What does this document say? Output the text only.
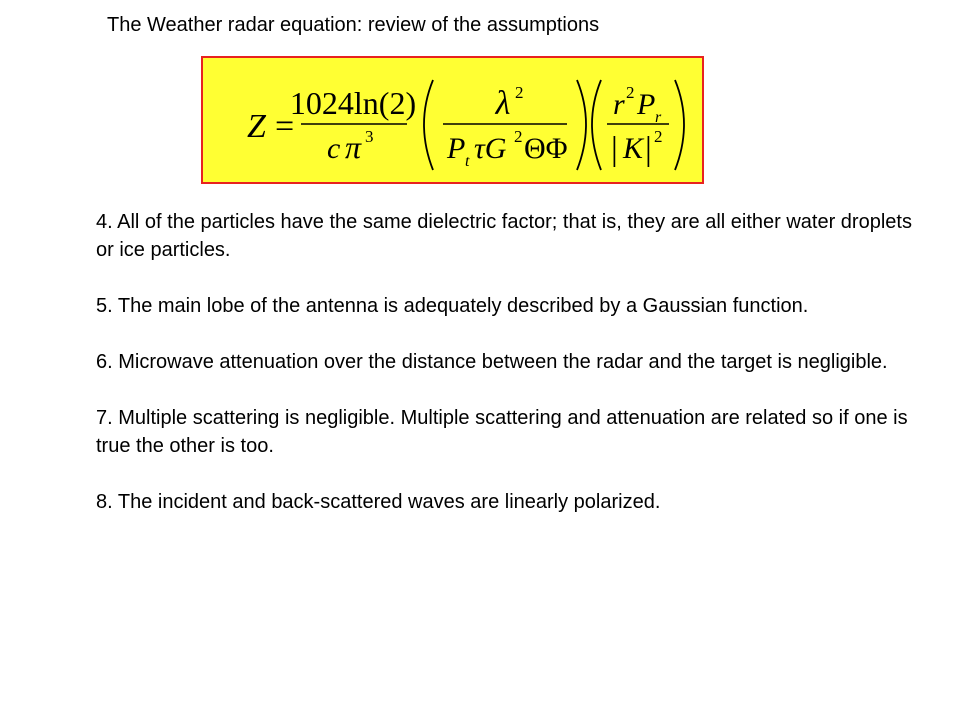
The Weather radar equation: review of the assumptions
Z =
1024ln(2)
c π 3
λ 2
P t τG 2 ΘΦ
r 2 P r
| K | 2

4. All of the particles have the same dielectric factor; that is, they are all either water droplets or ice particles.

5. The main lobe of the antenna is adequately described by a Gaussian function.

6. Microwave attenuation over the distance between the radar and the target is negligible.

7. Multiple scattering is negligible. Multiple scattering and attenuation are related so if one is true the other is too.

8. The incident and back-scattered waves are linearly polarized.
